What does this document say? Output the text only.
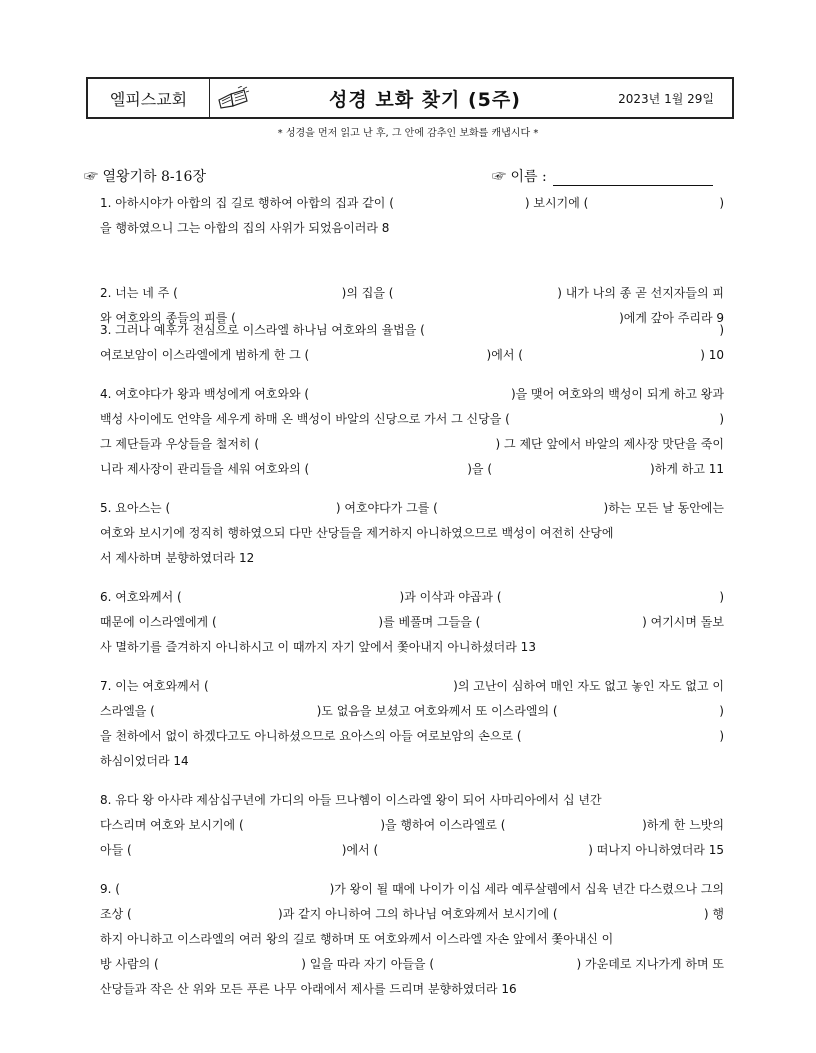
엘피스교회	성경 보화 찾기 (5주)	2023년 1월 29일
* 성경을 먼저 읽고 난 후, 그 안에 감추인 보화를 캐냅시다 *
☞ 열왕기하 8-16장	☞ 이름 :
1. 아하시야가 아합의 집 길로 행하여 아합의 집과 같이 (	) 보시기에 (	)
을 행하였으니 그는 아합의 집의 사위가 되었음이러라 8
2. 너는 네 주 (	)의 집을 (	) 내가 나의 종 곧 선지자들의 피
와 여호와의 종들의 피를 (	)에게 갚아 주리라 9
3. 그러나 예후가 전심으로 이스라엘 하나님 여호와의 율법을 (	)
여로보암이 이스라엘에게 범하게 한 그 (	)에서 (	) 10
4. 여호야다가 왕과 백성에게 여호와와 (	)을 맺어 여호와의 백성이 되게 하고 왕과
백성 사이에도 언약을 세우게 하매 온 백성이 바알의 신당으로 가서 그 신당을 (	)
그 제단들과 우상들을 철저히 (	) 그 제단 앞에서 바알의 제사장 맛단을 죽이
니라 제사장이 관리들을 세워 여호와의 (	)을 (	)하게 하고 11
5. 요아스는 (	) 여호야다가 그를 (	)하는 모든 날 동안에는
여호와 보시기에 정직히 행하였으되 다만 산당들을 제거하지 아니하였으므로 백성이 여전히 산당에
서 제사하며 분향하였더라 12
6. 여호와께서 (	)과 이삭과 야곱과 (	)
때문에 이스라엘에게 (	)를 베풀며 그들을 (	) 여기시며 돌보
사 멸하기를 즐겨하지 아니하시고 이 때까지 자기 앞에서 쫓아내지 아니하셨더라 13
7. 이는 여호와께서 (	)의 고난이 심하여 매인 자도 없고 놓인 자도 없고 이
스라엘을 (	)도 없음을 보셨고 여호와께서 또 이스라엘의 (	)
을 천하에서 없이 하겠다고도 아니하셨으므로 요아스의 아들 여로보암의 손으로 (	)
하심이었더라 14
8. 유다 왕 아사랴 제삼십구년에 가디의 아들 므나헴이 이스라엘 왕이 되어 사마리아에서 십 년간
다스리며 여호와 보시기에 (	)을 행하여 이스라엘로 (	)하게 한 느밧의
아들 (	)에서 (	) 떠나지 아니하였더라 15
9. (	)가 왕이 될 때에 나이가 이십 세라 예루살렘에서 십육 년간 다스렸으나 그의
조상 (	)과 같지 아니하여 그의 하나님 여호와께서 보시기에 (	) 행
하지 아니하고 이스라엘의 여러 왕의 길로 행하며 또 여호와께서 이스라엘 자손 앞에서 쫓아내신 이
방 사람의 (	) 일을 따라 자기 아들을 (	) 가운데로 지나가게 하며 또
산당들과 작은 산 위와 모든 푸른 나무 아래에서 제사를 드리며 분향하였더라 16
